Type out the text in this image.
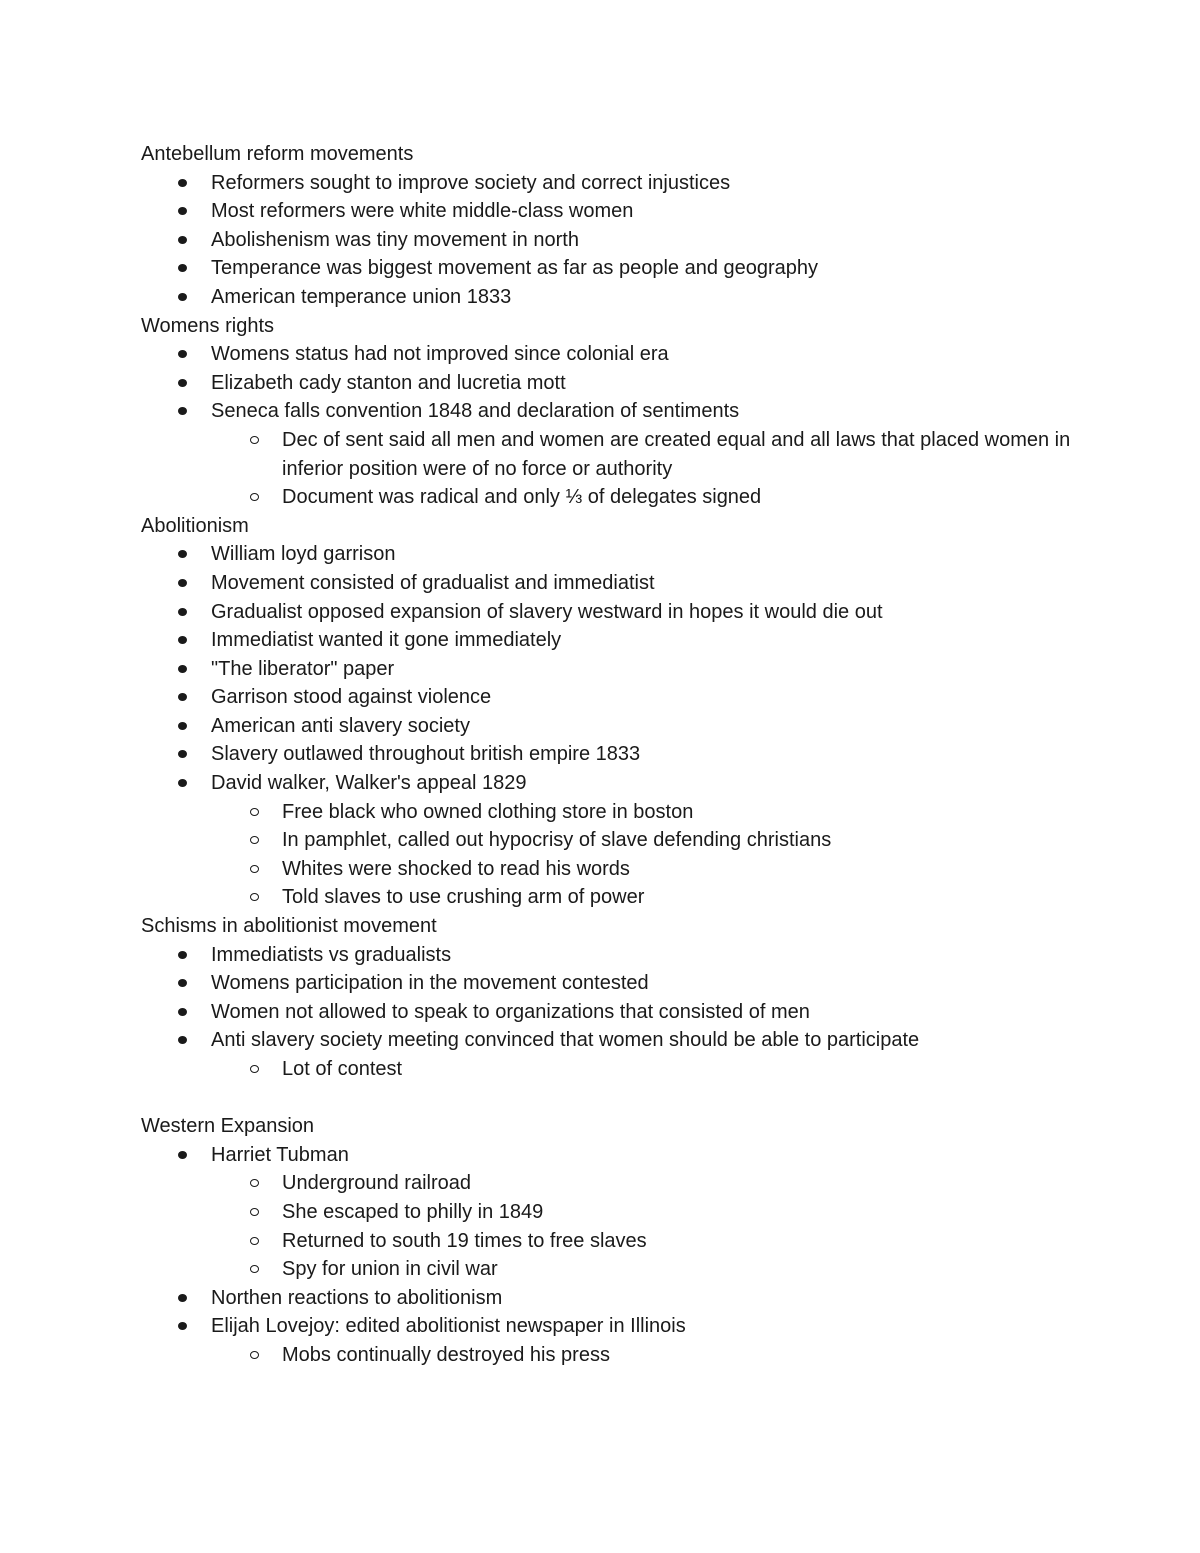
Antebellum reform movements

Reformers sought to improve society and correct injustices
Most reformers were white middle-class women
Abolishenism was tiny movement in north
Temperance was biggest movement as far as people and geography
American temperance union 1833

Womens rights

Womens status had not improved since colonial era
Elizabeth cady stanton and lucretia mott
Seneca falls convention 1848 and declaration of sentiments
Dec of sent said all men and women are created equal and all laws that placed women in inferior position were of no force or authority
Document was radical and only ⅓ of delegates signed

Abolitionism

William loyd garrison
Movement consisted of gradualist and immediatist
Gradualist opposed expansion of slavery westward in hopes it would die out
Immediatist wanted it gone immediately
"The liberator" paper
Garrison stood against violence
American anti slavery society
Slavery outlawed throughout british empire 1833
David walker, Walker's appeal 1829
Free black who owned clothing store in boston
In pamphlet, called out hypocrisy of slave defending christians
Whites were shocked to read his words
Told slaves to use crushing arm of power

Schisms in abolitionist movement

Immediatists vs gradualists
Womens participation in the movement contested
Women not allowed to speak to organizations that consisted of men
Anti slavery society meeting convinced that women should be able to participate
Lot of contest

Western Expansion

Harriet Tubman
Underground railroad
She escaped to philly in 1849
Returned to south 19 times to free slaves
Spy for union in civil war
Northen reactions to abolitionism
Elijah Lovejoy: edited abolitionist newspaper in Illinois
Mobs continually destroyed his press
